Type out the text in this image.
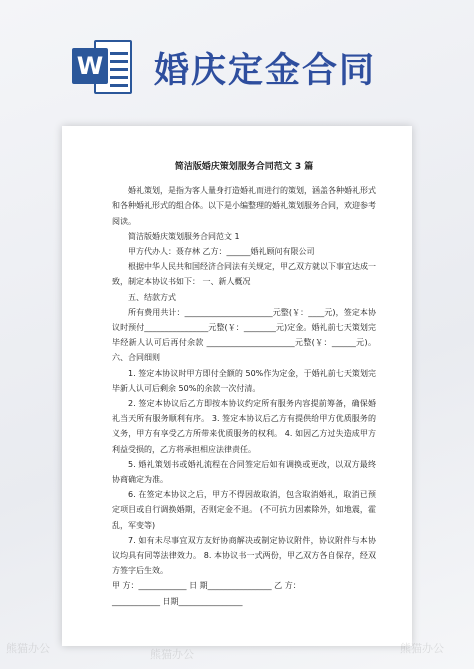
W 婚庆定金合同
简洁版婚庆策划服务合同范文 3 篇

婚礼策划，是指为客人量身打造婚礼而进行的策划，涵盖各种婚礼形式和各种婚礼形式的组合体。以下是小编整理的婚礼策划服务合同，欢迎参考阅读。

简洁版婚庆策划服务合同范文 1

甲方代办人：聂存林 乙方：______婚礼顾问有限公司

根据中华人民共和国经济合同法有关规定，甲乙双方就以下事宜达成一致，制定本协议书如下： 一、新人概况

五、结款方式

所有费用共计：______________________元整(￥：____元)，签定本协议时预付________________元整(￥：________元)定金。婚礼前七天策划完毕经新人认可后再付余款 ______________________元整(￥：______元)。 六、合同细则

1. 签定本协议时甲方即付全额的 50%作为定金，于婚礼前七天策划完毕新人认可后剩余 50%的余款一次付清。

2. 签定本协议后乙方即按本协议约定所有服务内容提前筹备，确保婚礼当天所有服务顺利有序。 3. 签定本协议后乙方有提供给甲方优质服务的义务，甲方有享受乙方所带来优质服务的权利。 4. 如因乙方过失造成甲方利益受损的，乙方将承担相应法律责任。

5. 婚礼策划书或婚礼流程在合同签定后如有调换或更改，以双方最终协商确定为准。

6. 在签定本协议之后，甲方不得因故取消，包含取消婚礼，取消已预定项目或自行调换婚期，否则定金不退。 (不可抗力因素除外，如地震，霍乱，军变等)

7. 如有未尽事宜双方友好协商解决或制定协议附件，协议附件与本协议均具有同等法律效力。 8. 本协议书一式两份，甲乙双方各自保存，经双方签字后生效。

甲 方：____________ 日 期________________ 乙 方：

____________ 日期________________

熊猫办公	熊猫办公	熊猫办公
